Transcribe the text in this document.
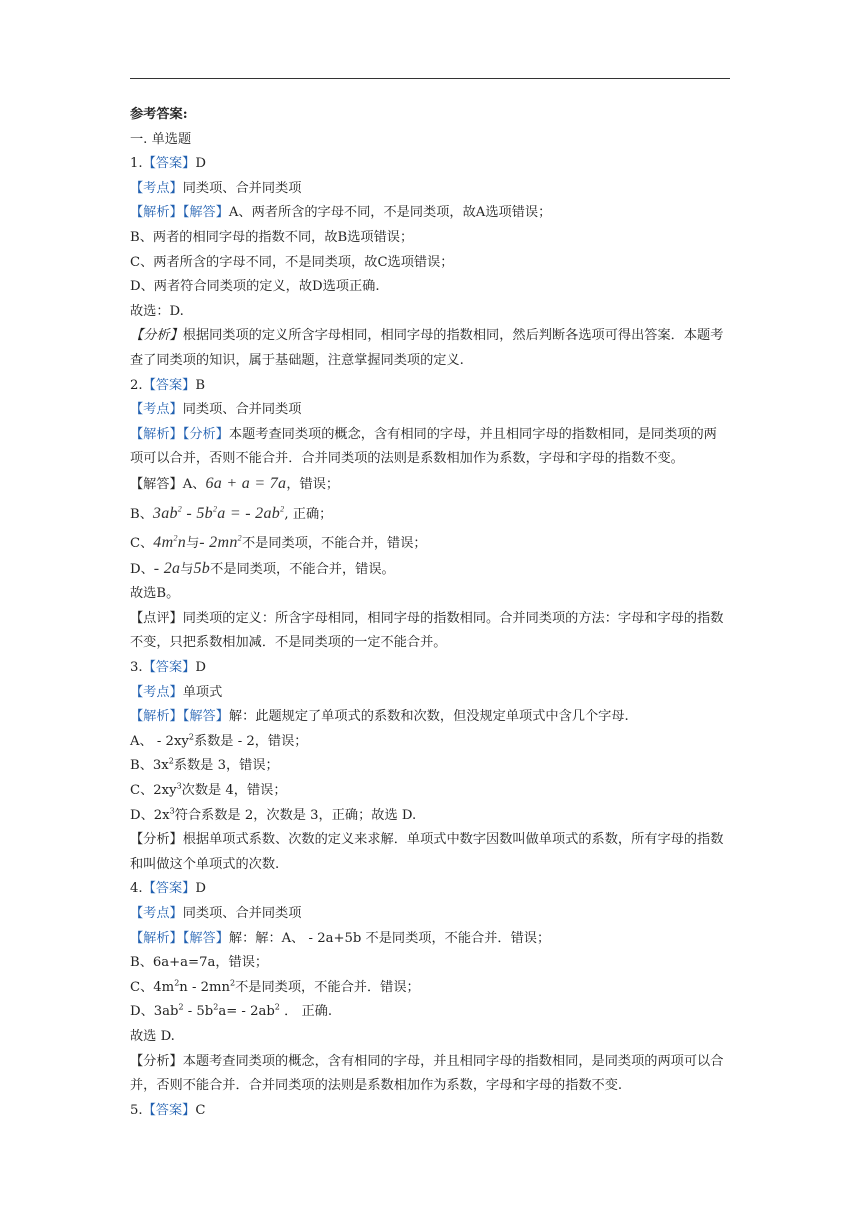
参考答案:
一. 单选题
1.【答案】D
【考点】同类项、合并同类项
【解析】【解答】A、两者所含的字母不同，不是同类项，故A选项错误；
B、两者的相同字母的指数不同，故B选项错误；
C、两者所含的字母不同，不是同类项，故C选项错误；
D、两者符合同类项的定义，故D选项正确.
故选：D.
【分析】根据同类项的定义所含字母相同，相同字母的指数相同，然后判断各选项可得出答案．本题考查了同类项的知识，属于基础题，注意掌握同类项的定义.
2.【答案】B
【考点】同类项、合并同类项
【解析】【分析】本题考查同类项的概念，含有相同的字母，并且相同字母的指数相同，是同类项的两项可以合并，否则不能合并．合并同类项的法则是系数相加作为系数，字母和字母的指数不变。
【解答】A、6a + a = 7a，错误；
B、$3ab^2 - 5b^2a$ = - $2ab^2$, 正确；
C、$4m^2n$与- $2mn^2$不是同类项，不能合并，错误；
D、- 2a与5b不是同类项，不能合并，错误。
故选B。
【点评】同类项的定义：所含字母相同，相同字母的指数相同。合并同类项的方法：字母和字母的指数不变，只把系数相加减．不是同类项的一定不能合并。
3.【答案】D
【考点】单项式
【解析】【解答】解：此题规定了单项式的系数和次数，但没规定单项式中含几个字母.
A、 - $2xy^2$系数是 - 2，错误；
B、$3x^2$系数是 3，错误；
C、$2xy^3$次数是 4，错误；
D、$2x^3$符合系数是 2，次数是 3，正确；故选 D.
【分析】根据单项式系数、次数的定义来求解．单项式中数字因数叫做单项式的系数，所有字母的指数和叫做这个单项式的次数.
4.【答案】D
【考点】同类项、合并同类项
【解析】【解答】解：解：A、 - 2a+5b 不是同类项，不能合并．错误；
B、6a+a=7a，错误；
C、$4m^2n - 2mn^2$不是同类项，不能合并．错误；
D、$3ab^2 - 5b^2a= - 2ab^2$ ． 正确.
故选 D.
【分析】本题考查同类项的概念，含有相同的字母，并且相同字母的指数相同，是同类项的两项可以合并，否则不能合并．合并同类项的法则是系数相加作为系数，字母和字母的指数不变.
5.【答案】C
